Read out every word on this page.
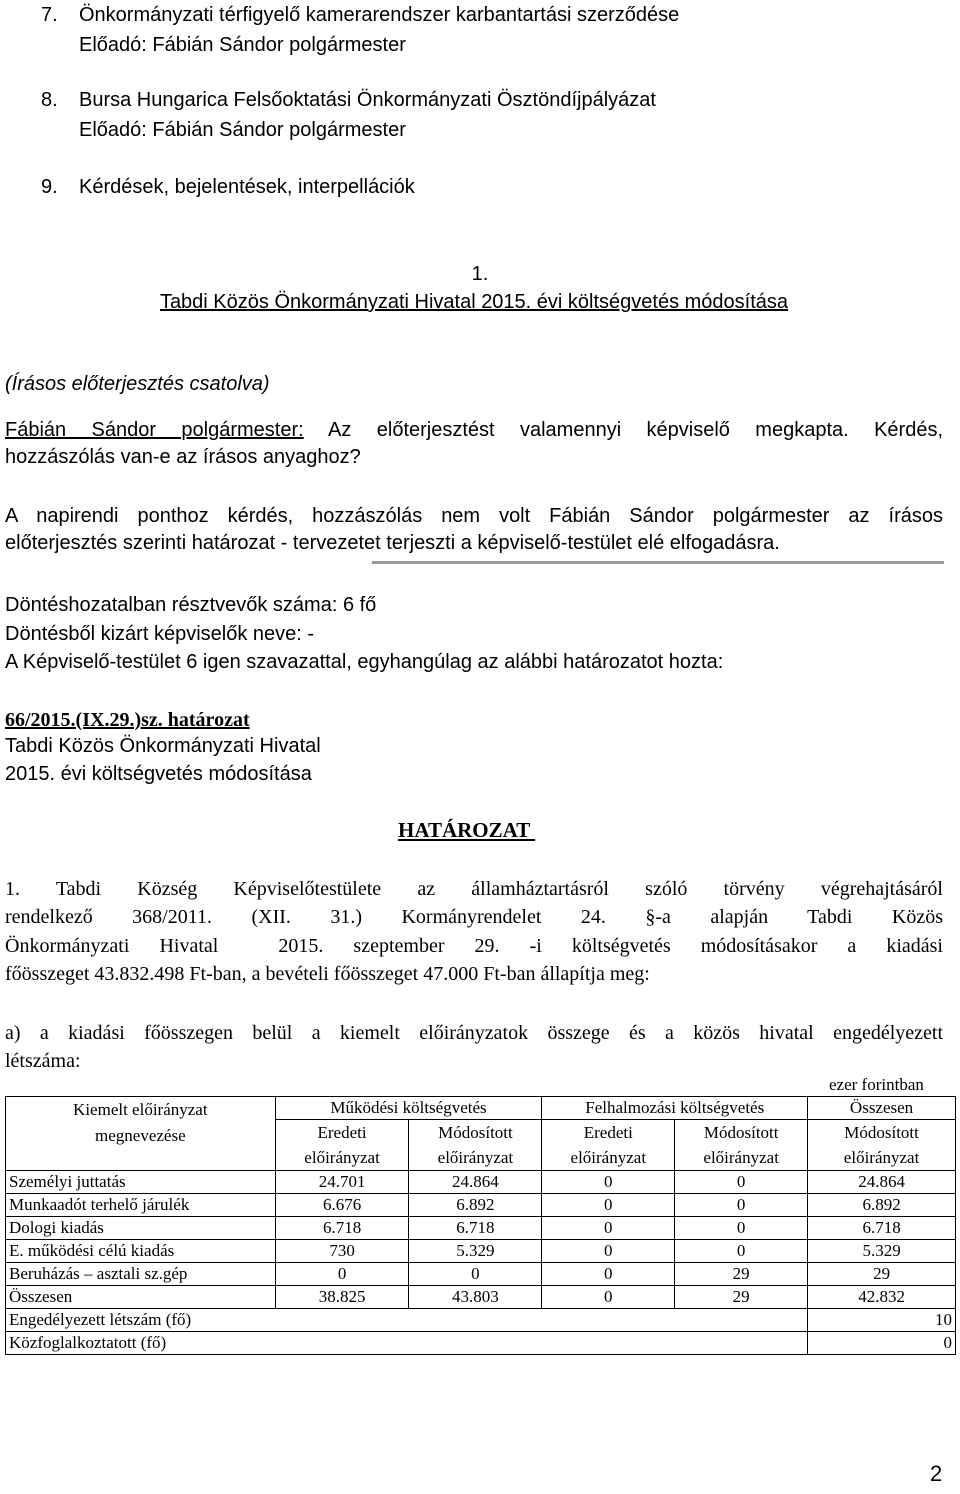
7. Önkormányzati térfigyelő kamerarendszer karbantartási szerződése
Előadó: Fábián Sándor polgármester
8. Bursa Hungarica Felsőoktatási Önkormányzati Ösztöndíjpályázat
Előadó: Fábián Sándor polgármester
9. Kérdések, bejelentések, interpellációk
1.
Tabdi Közös Önkormányzati Hivatal 2015. évi költségvetés módosítása
(Írásos előterjesztés csatolva)
Fábián Sándor polgármester: Az előterjesztést valamennyi képviselő megkapta. Kérdés,
hozzászólás van-e az írásos anyaghoz?
A napirendi ponthoz kérdés, hozzászólás nem volt Fábián Sándor polgármester az írásos
előterjesztés szerinti határozat - tervezetet terjeszti a képviselő-testület elé elfogadásra.
Döntéshozatalban résztvevők száma: 6 fő
Döntésből kizárt képviselők neve: -
A Képviselő-testület 6 igen szavazattal, egyhangúlag az alábbi határozatot hozta:
66/2015.(IX.29.)sz. határozat
Tabdi Közös Önkormányzati Hivatal
2015. évi költségvetés módosítása
HATÁROZAT
1. Tabdi Község Képviselőtestülete az államháztartásról szóló törvény végrehajtásáról
rendelkező 368/2011. (XII. 31.) Kormányrendelet 24. §-a alapján Tabdi Közös
Önkormányzati Hivatal  2015. szeptember 29. -i költségvetés módosításakor a kiadási
főösszeget 43.832.498 Ft-ban, a bevételi főösszeget 47.000 Ft-ban állapítja meg:
a) a kiadási főösszegen belül a kiemelt előirányzatok összege és a közös hivatal engedélyezett
létszáma:
ezer forintban
Kiemelt előirányzat megnevezése	Működési költségvetés		Felhalmozási költségvetés		Összesen

	Eredeti előirányzat	Módosított előirányzat	Eredeti előirányzat	Módosított előirányzat	Módosított előirányzat

Személyi juttatás	24.701	24.864	0	0	24.864
Munkaadót terhelő járulék	6.676	6.892	0	0	6.892
Dologi kiadás	6.718	6.718	0	0	6.718
E. működési célú kiadás	730	5.329	0	0	5.329
Beruházás – asztali sz.gép	0	0	0	29	29
Összesen	38.825	43.803	0	29	42.832
Engedélyezett létszám (fő)					10
Közfoglalkoztatott (fő)					0
2
